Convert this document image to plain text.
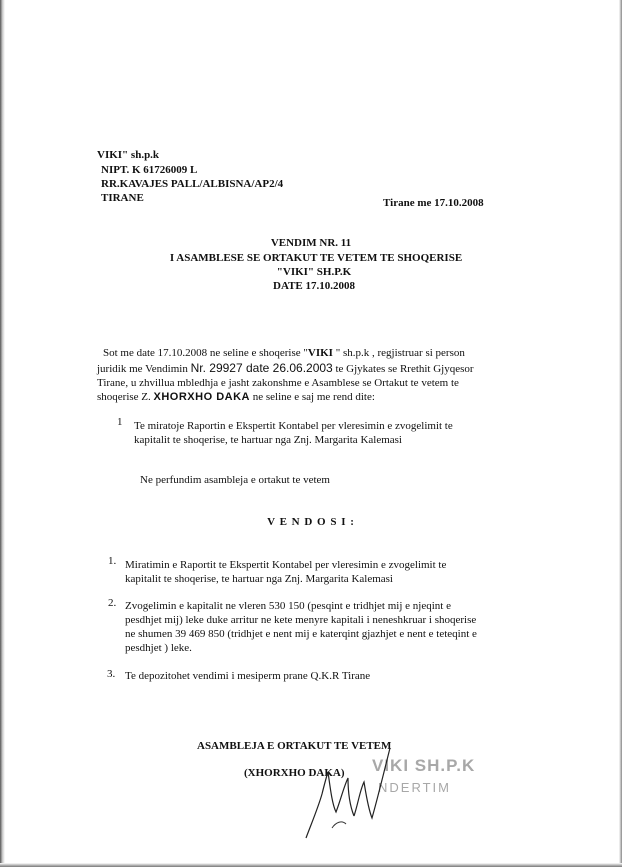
VIKI" sh.p.k
NIPT. K 61726009 L
RR.KAVAJES PALL/ALBISNA/AP2/4
TIRANE	Tirane me 17.10.2008
VENDIM NR. 11
I ASAMBLESE SE ORTAKUT TE VETEM TE SHOQERISE
"VIKI" SH.P.K
DATE 17.10.2008
Sot me date 17.10.2008 ne seline e shoqerise "VIKI " sh.p.k , regjistruar si person
juridik me Vendimin Nr. 29927 date 26.06.2003 te Gjykates se Rrethit Gjyqesor
Tirane, u zhvillua mbledhja e jasht zakonshme e Asamblese se Ortakut te vetem te
shoqerise Z. XHORXHO DAKA ne seline e saj me rend dite:
1 Te miratoje Raportin e Ekspertit Kontabel per vleresimin e zvogelimit te
kapitalit te shoqerise, te hartuar nga Znj. Margarita Kalemasi
Ne perfundim asambleja e ortakut te vetem
V E N D O S I :
1. Miratimin e Raportit te Ekspertit Kontabel per vleresimin e zvogelimit te
kapitalit te shoqerise, te hartuar nga Znj. Margarita Kalemasi
2. Zvogelimin e kapitalit ne vleren 530 150 (pesqint e tridhjet mij e njeqint e
pesdhjet mij) leke duke arritur ne kete menyre kapitali i neneshkruar i shoqerise
ne shumen 39 469 850 (tridhjet e nent mij e katerqint gjazhjet e nent e teteqint e
pesdhjet ) leke.
3. Te depozitohet vendimi i mesiperm prane Q.K.R Tirane
VIKI SH.P.K
NDERTIM
ASAMBLEJA E ORTAKUT TE VETEM
(XHORXHO DAKA)
